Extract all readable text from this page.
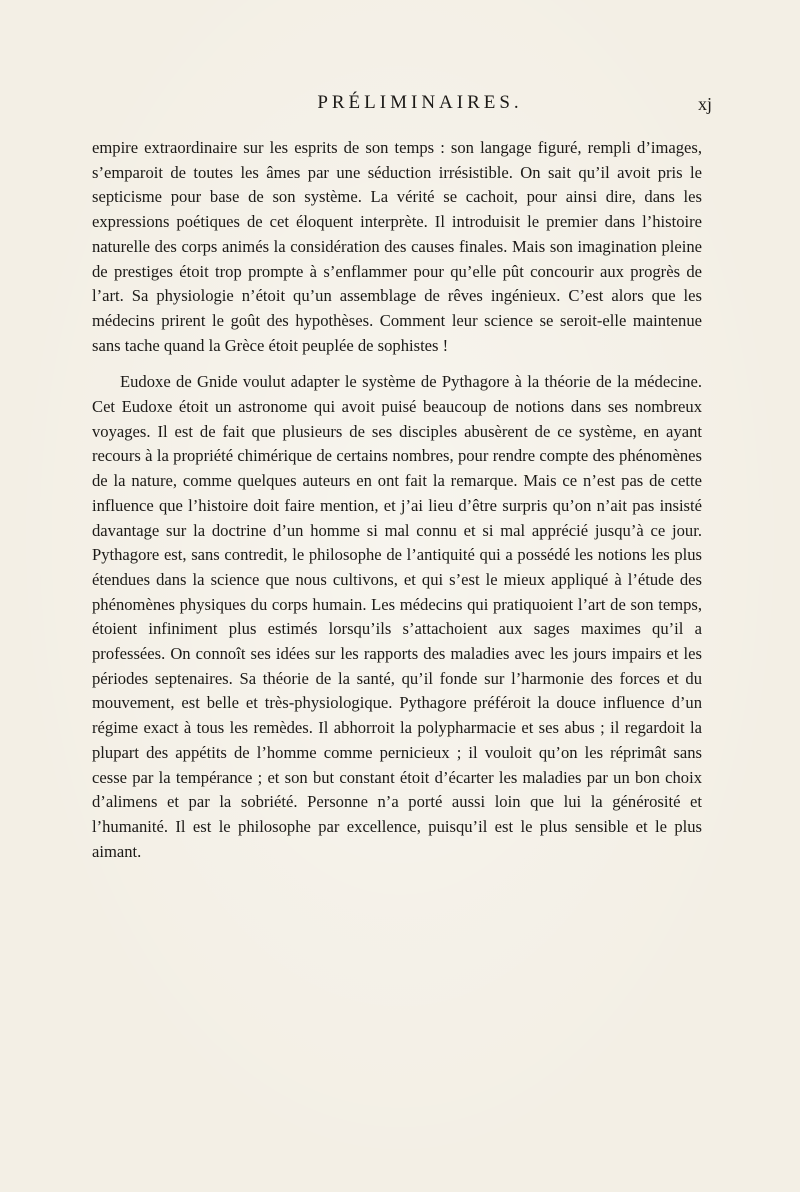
PRÉLIMINAIRES.	xj

empire extraordinaire sur les esprits de son temps : son langage figuré, rempli d’images, s’emparoit de toutes les âmes par une séduction irrésistible. On sait qu’il avoit pris le septicisme pour base de son système. La vérité se cachoit, pour ainsi dire, dans les expressions poétiques de cet éloquent interprète. Il introduisit le premier dans l’histoire naturelle des corps animés la considération des causes finales. Mais son imagination pleine de prestiges étoit trop prompte à s’enflammer pour qu’elle pût concourir aux progrès de l’art. Sa physiologie n’étoit qu’un assemblage de rêves ingénieux. C’est alors que les médecins prirent le goût des hypothèses. Comment leur science se seroit-elle maintenue sans tache quand la Grèce étoit peuplée de sophistes !

Eudoxe de Gnide voulut adapter le système de Pythagore à la théorie de la médecine. Cet Eudoxe étoit un astronome qui avoit puisé beaucoup de notions dans ses nombreux voyages. Il est de fait que plusieurs de ses disciples abusèrent de ce système, en ayant recours à la propriété chimérique de certains nombres, pour rendre compte des phénomènes de la nature, comme quelques auteurs en ont fait la remarque. Mais ce n’est pas de cette influence que l’histoire doit faire mention, et j’ai lieu d’être surpris qu’on n’ait pas insisté davantage sur la doctrine d’un homme si mal connu et si mal apprécié jusqu’à ce jour. Pythagore est, sans contredit, le philosophe de l’antiquité qui a possédé les notions les plus étendues dans la science que nous cultivons, et qui s’est le mieux appliqué à l’étude des phénomènes physiques du corps humain. Les médecins qui pratiquoient l’art de son temps, étoient infiniment plus estimés lorsqu’ils s’attachoient aux sages maximes qu’il a professées. On connoît ses idées sur les rapports des maladies avec les jours impairs et les périodes septenaires. Sa théorie de la santé, qu’il fonde sur l’harmonie des forces et du mouvement, est belle et très-physiologique. Pythagore préféroit la douce influence d’un régime exact à tous les remèdes. Il abhorroit la polypharmacie et ses abus ; il regardoit la plupart des appétits de l’homme comme pernicieux ; il vouloit qu’on les réprimât sans cesse par la tempérance ; et son but constant étoit d’écarter les maladies par un bon choix d’alimens et par la sobriété. Personne n’a porté aussi loin que lui la générosité et l’humanité. Il est le philosophe par excellence, puisqu’il est le plus sensible et le plus aimant.
